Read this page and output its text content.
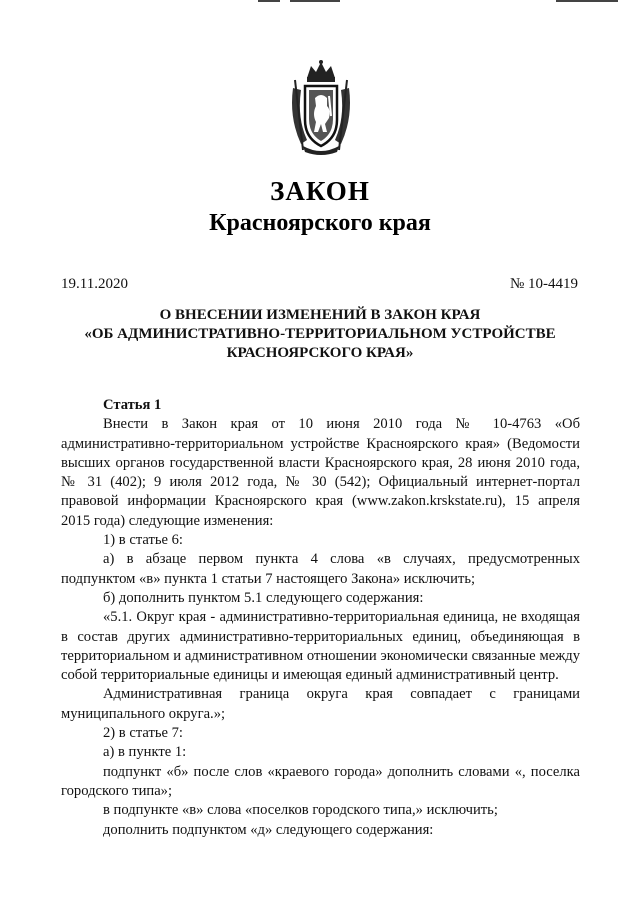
ЗАКОН
Красноярского края
19.11.2020	№ 10-4419
О ВНЕСЕНИИ ИЗМЕНЕНИЙ В ЗАКОН КРАЯ
«ОБ АДМИНИСТРАТИВНО-ТЕРРИТОРИАЛЬНОМ УСТРОЙСТВЕ
КРАСНОЯРСКОГО КРАЯ»

Статья 1

Внести в Закон края от 10 июня 2010 года № 10-4763 «Об административно-территориальном устройстве Красноярского края» (Ведомости высших органов государственной власти Красноярского края, 28 июня 2010 года, № 31 (402); 9 июля 2012 года, № 30 (542); Официальный интернет-портал правовой информации Красноярского края (www.zakon.krskstate.ru), 15 апреля 2015 года) следующие изменения:

1) в статье 6:

а) в абзаце первом пункта 4 слова «в случаях, предусмотренных подпунктом «в» пункта 1 статьи 7 настоящего Закона» исключить;

б) дополнить пунктом 5.1 следующего содержания:

«5.1. Округ края - административно-территориальная единица, не входящая в состав других административно-территориальных единиц, объединяющая в территориальном и административном отношении экономически связанные между собой территориальные единицы и имеющая единый административный центр.

Административная граница округа края совпадает с границами муниципального округа.»;

2) в статье 7:

а) в пункте 1:

подпункт «б» после слов «краевого города» дополнить словами «, поселка городского типа»;

в подпункте «в» слова «поселков городского типа,» исключить;

дополнить подпунктом «д» следующего содержания:
